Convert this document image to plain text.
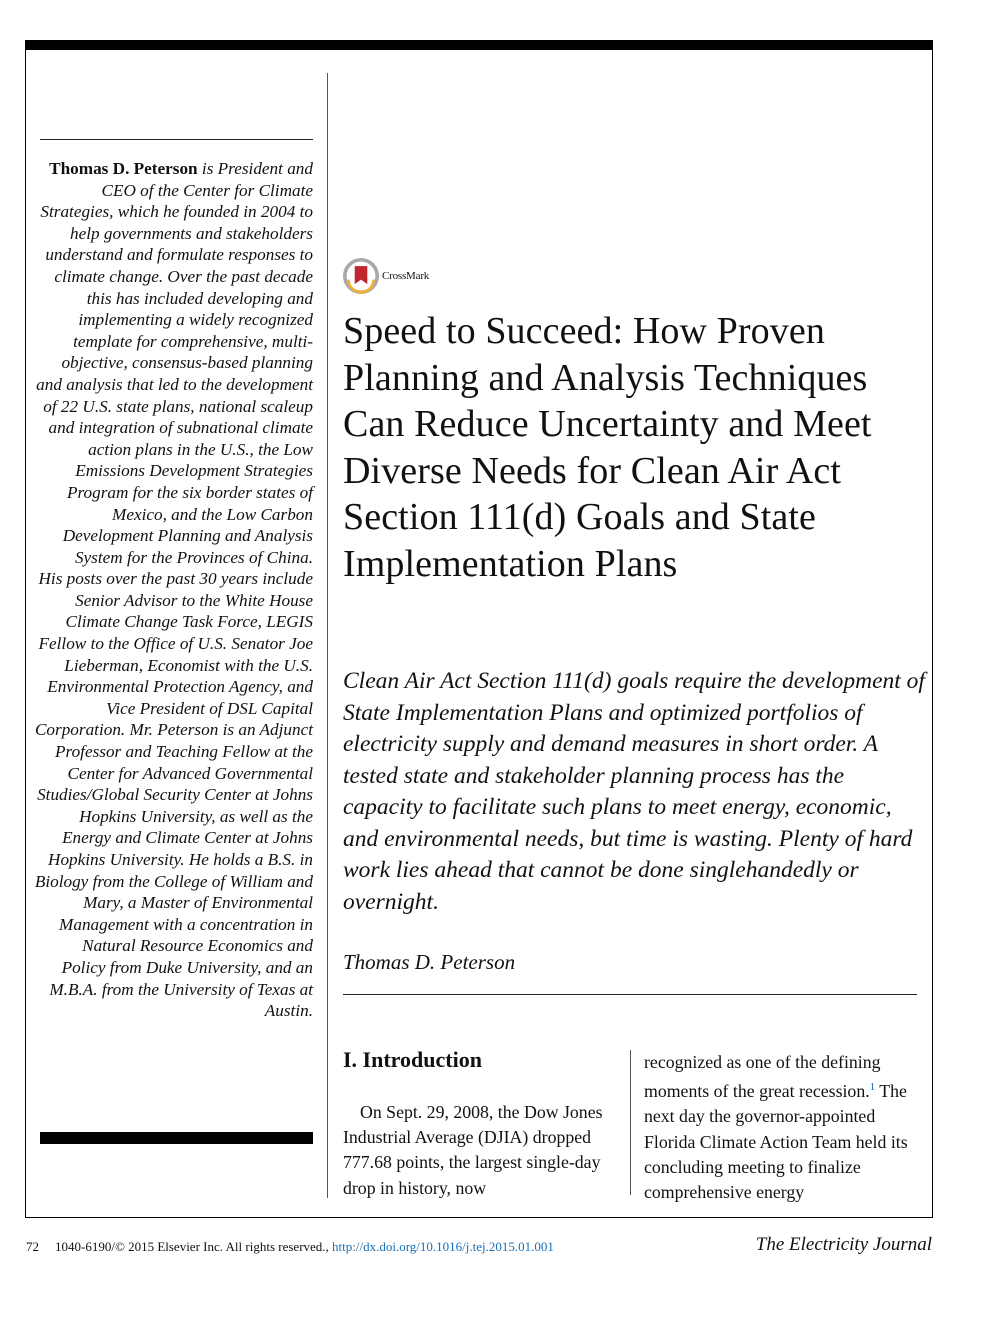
Thomas D. Peterson is President and CEO of the Center for Climate Strategies, which he founded in 2004 to help governments and stakeholders understand and formulate responses to climate change. Over the past decade this has included developing and implementing a widely recognized template for comprehensive, multi-objective, consensus-based planning and analysis that led to the development of 22 U.S. state plans, national scaleup and integration of subnational climate action plans in the U.S., the Low Emissions Development Strategies Program for the six border states of Mexico, and the Low Carbon Development Planning and Analysis System for the Provinces of China.
His posts over the past 30 years include Senior Advisor to the White House Climate Change Task Force, LEGIS Fellow to the Office of U.S. Senator Joe Lieberman, Economist with the U.S. Environmental Protection Agency, and Vice President of DSL Capital Corporation. Mr. Peterson is an Adjunct Professor and Teaching Fellow at the Center for Advanced Governmental Studies/Global Security Center at Johns Hopkins University, as well as the Energy and Climate Center at Johns Hopkins University. He holds a B.S. in Biology from the College of William and Mary, a Master of Environmental Management with a concentration in Natural Resource Economics and Policy from Duke University, and an M.B.A. from the University of Texas at Austin.
CrossMark
Speed to Succeed: How Proven Planning and Analysis Techniques Can Reduce Uncertainty and Meet Diverse Needs for Clean Air Act Section 111(d) Goals and State Implementation Plans

Clean Air Act Section 111(d) goals require the development of State Implementation Plans and optimized portfolios of electricity supply and demand measures in short order. A tested state and stakeholder planning process has the capacity to facilitate such plans to meet energy, economic, and environmental needs, but time is wasting. Plenty of hard work lies ahead that cannot be done singlehandedly or overnight.

Thomas D. Peterson
I. Introduction

On Sept. 29, 2008, the Dow Jones Industrial Average (DJIA) dropped 777.68 points, the largest single-day drop in history, now

recognized as one of the defining moments of the great recession.$^1$ The next day the governor-appointed Florida Climate Action Team held its concluding meeting to finalize comprehensive energy

72 1040-6190/© 2015 Elsevier Inc. All rights reserved., http://dx.doi.org/10.1016/j.tej.2015.01.001	The Electricity Journal
